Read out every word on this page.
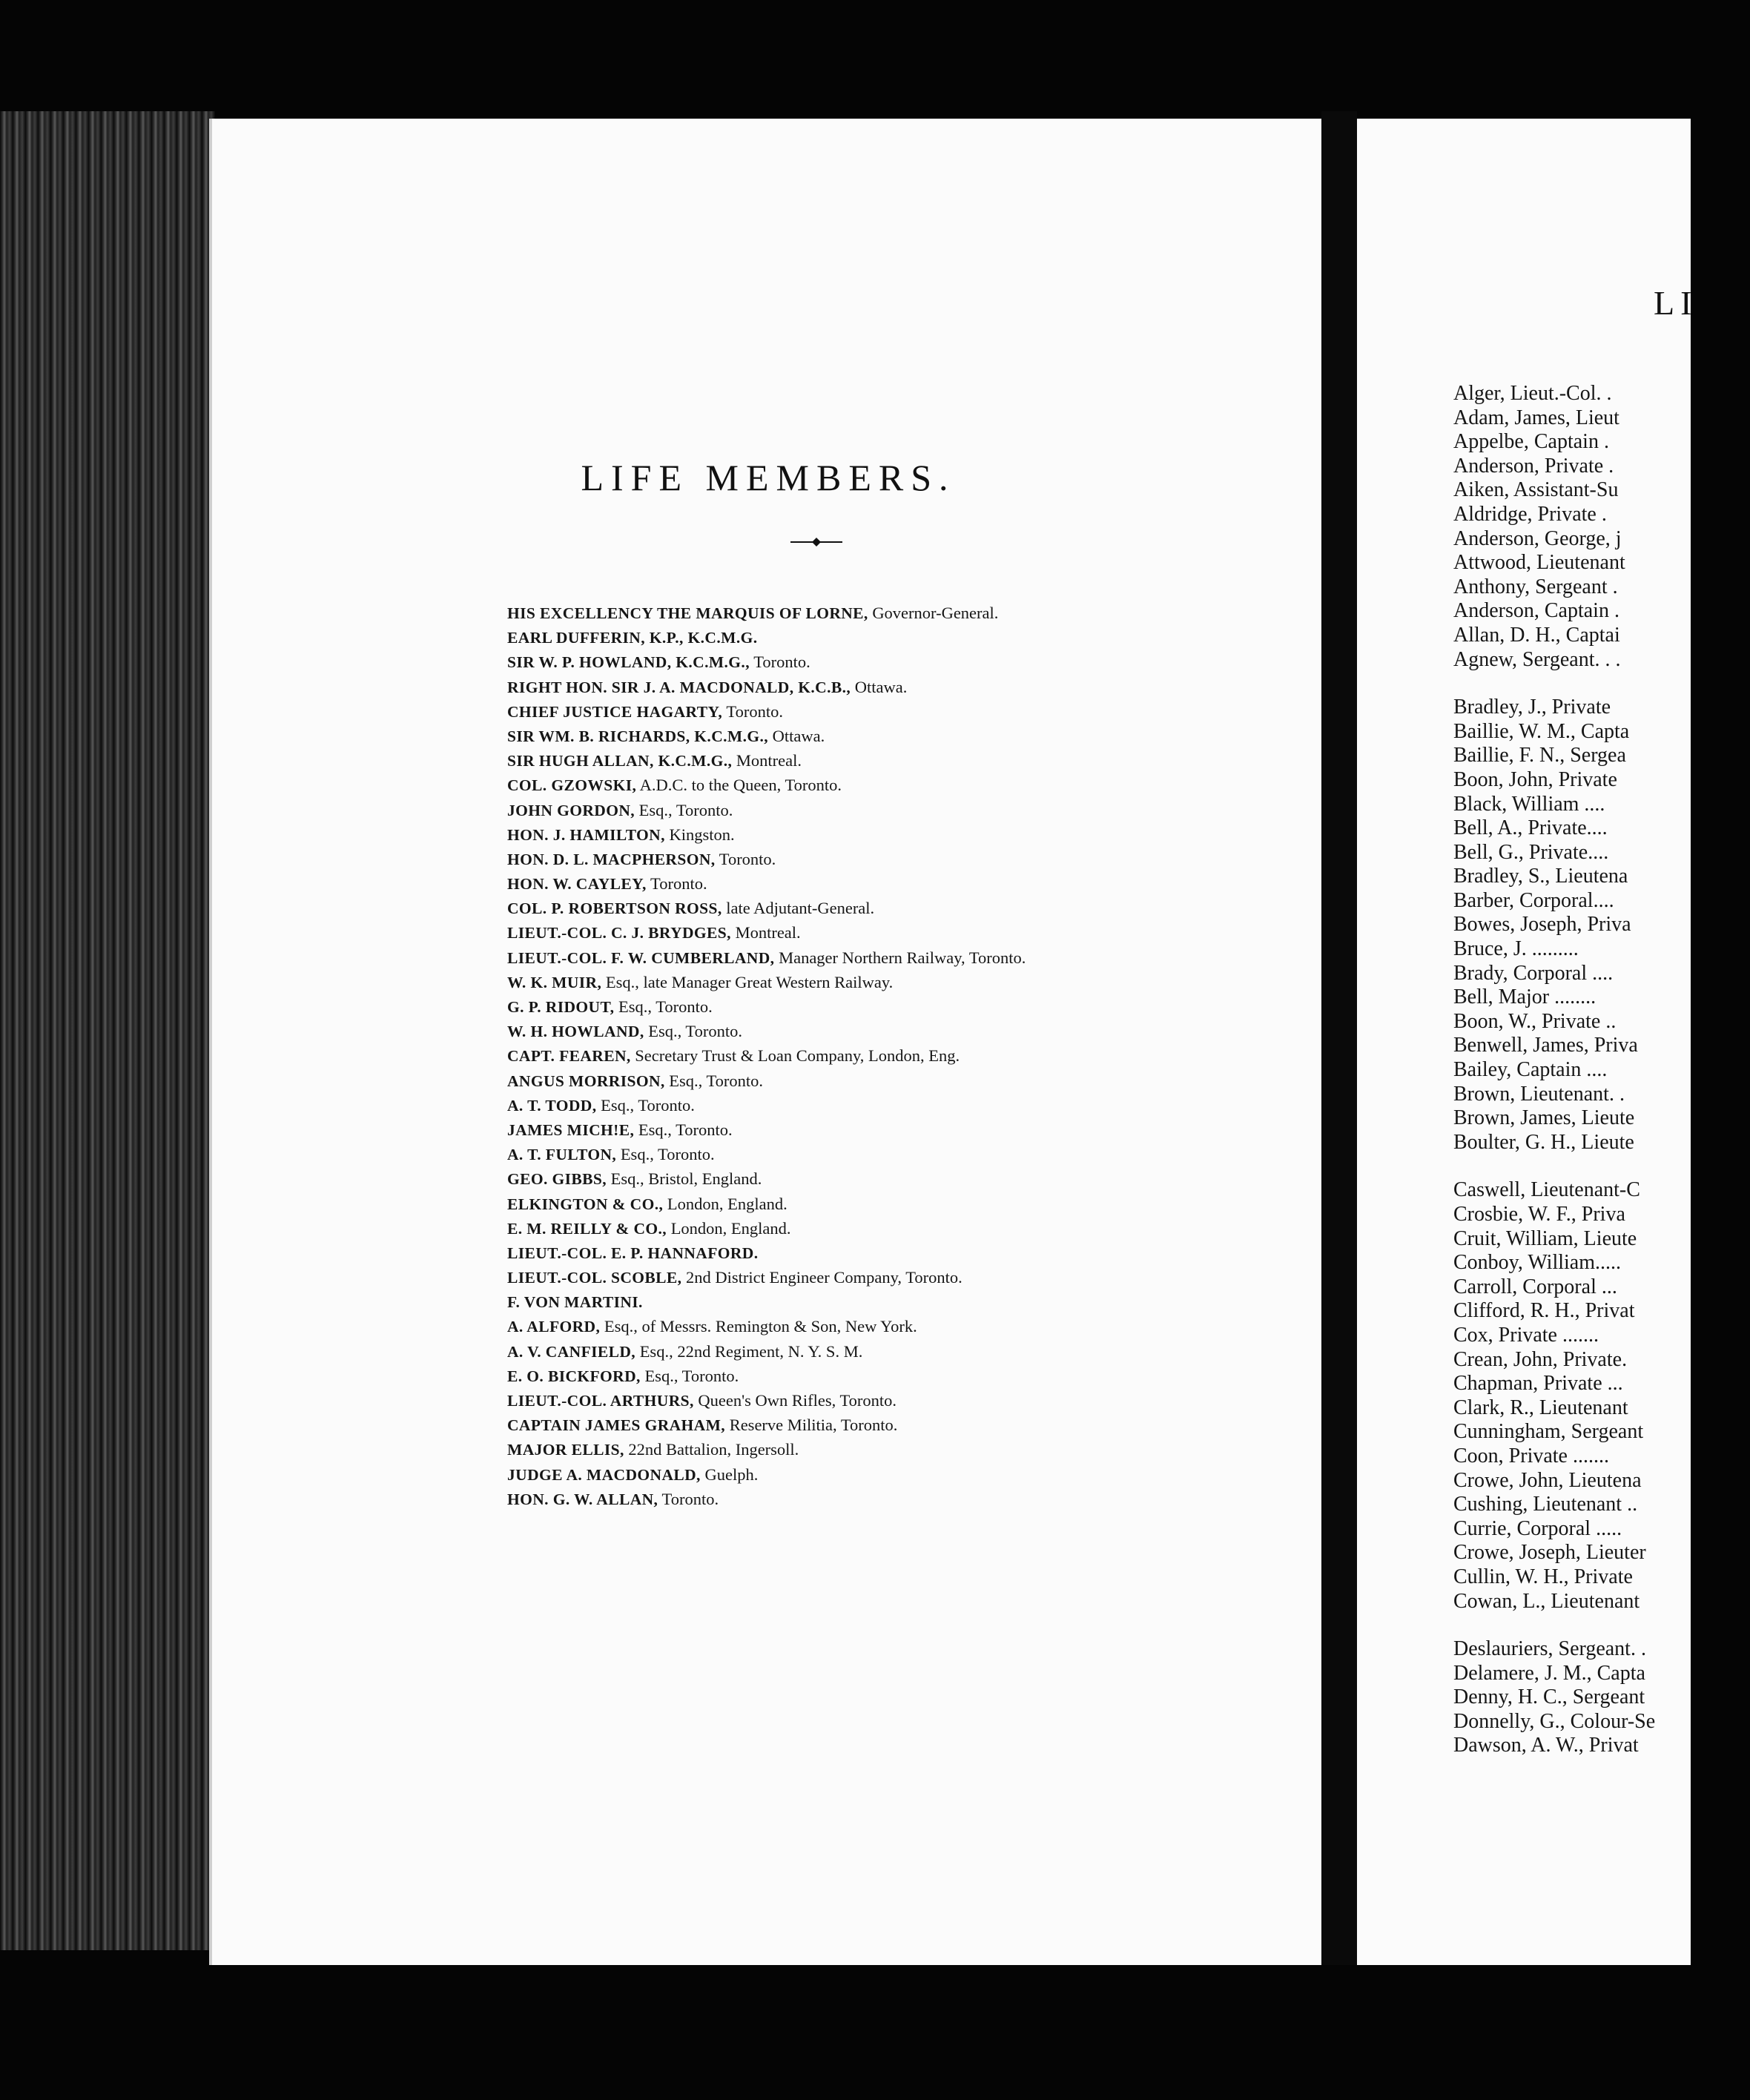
LIFE MEMBERS.
HIS EXCELLENCY THE MARQUIS OF LORNE, Governor-General.
EARL DUFFERIN, K.P., K.C.M.G.
SIR W. P. HOWLAND, K.C.M.G., Toronto.
RIGHT HON. SIR J. A. MACDONALD, K.C.B., Ottawa.
CHIEF JUSTICE HAGARTY, Toronto.
SIR WM. B. RICHARDS, K.C.M.G., Ottawa.
SIR HUGH ALLAN, K.C.M.G., Montreal.
COL. GZOWSKI, A.D.C. to the Queen, Toronto.
JOHN GORDON, Esq., Toronto.
HON. J. HAMILTON, Kingston.
HON. D. L. MACPHERSON, Toronto.
HON. W. CAYLEY, Toronto.
COL. P. ROBERTSON ROSS, late Adjutant-General.
LIEUT.-COL. C. J. BRYDGES, Montreal.
LIEUT.-COL. F. W. CUMBERLAND, Manager Northern Railway, Toronto.
W. K. MUIR, Esq., late Manager Great Western Railway.
G. P. RIDOUT, Esq., Toronto.
W. H. HOWLAND, Esq., Toronto.
CAPT. FEAREN, Secretary Trust & Loan Company, London, Eng.
ANGUS MORRISON, Esq., Toronto.
A. T. TODD, Esq., Toronto.
JAMES MICH!E, Esq., Toronto.
A. T. FULTON, Esq., Toronto.
GEO. GIBBS, Esq., Bristol, England.
ELKINGTON & CO., London, England.
E. M. REILLY & CO., London, England.
LIEUT.-COL. E. P. HANNAFORD.
LIEUT.-COL. SCOBLE, 2nd District Engineer Company, Toronto.
F. VON MARTINI.
A. ALFORD, Esq., of Messrs. Remington & Son, New York.
A. V. CANFIELD, Esq., 22nd Regiment, N. Y. S. M.
E. O. BICKFORD, Esq., Toronto.
LIEUT.-COL. ARTHURS, Queen's Own Rifles, Toronto.
CAPTAIN JAMES GRAHAM, Reserve Militia, Toronto.
MAJOR ELLIS, 22nd Battalion, Ingersoll.
JUDGE A. MACDONALD, Guelph.
HON. G. W. ALLAN, Toronto.
LI
Alger, Lieut.-Col. .
Adam, James, Lieut
Appelbe, Captain .
Anderson, Private .
Aiken, Assistant-Su
Aldridge, Private .
Anderson, George, j
Attwood, Lieutenant
Anthony, Sergeant .
Anderson, Captain .
Allan, D. H., Captai
Agnew, Sergeant. . .
Bradley, J., Private
Baillie, W. M., Capta
Baillie, F. N., Sergea
Boon, John, Private
Black, William ....
Bell, A., Private....
Bell, G., Private....
Bradley, S., Lieutena
Barber, Corporal....
Bowes, Joseph, Priva
Bruce, J. .........
Brady, Corporal ....
Bell, Major ........
Boon, W., Private ..
Benwell, James, Priva
Bailey, Captain ....
Brown, Lieutenant. .
Brown, James, Lieute
Boulter, G. H., Lieute
Caswell, Lieutenant-C
Crosbie, W. F., Priva
Cruit, William, Lieute
Conboy, William.....
Carroll, Corporal ...
Clifford, R. H., Privat
Cox, Private .......
Crean, John, Private.
Chapman, Private ...
Clark, R., Lieutenant
Cunningham, Sergeant
Coon, Private .......
Crowe, John, Lieutena
Cushing, Lieutenant ..
Currie, Corporal .....
Crowe, Joseph, Lieuter
Cullin, W. H., Private
Cowan, L., Lieutenant
Deslauriers, Sergeant. .
Delamere, J. M., Capta
Denny, H. C., Sergeant
Donnelly, G., Colour-Se
Dawson, A. W., Privat
